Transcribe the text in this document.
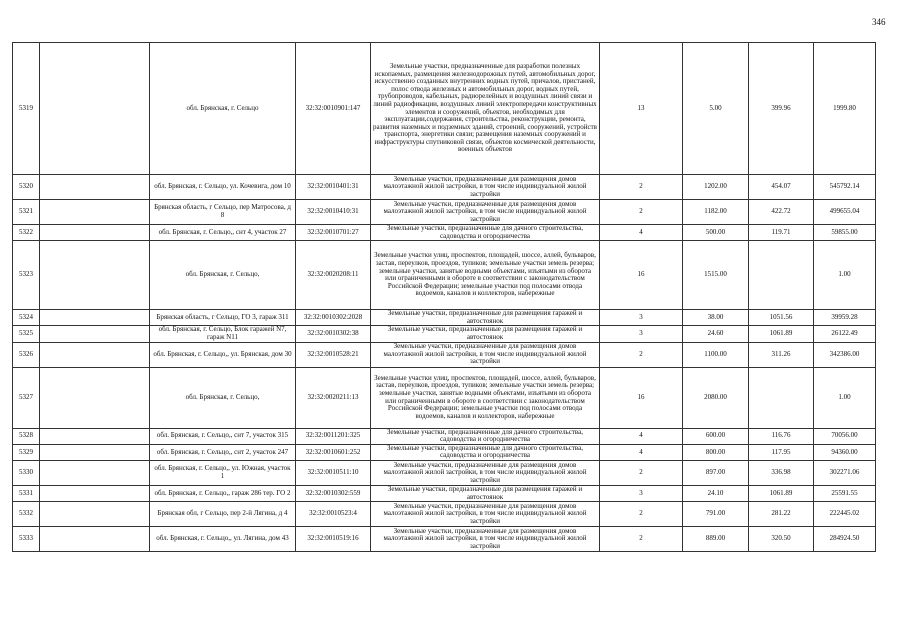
346
5319		обл. Брянская, г. Сельцо	32:32:0010901:147	Земельные участки, предназначенные для разработки полезных ископаемых, размещения железнодорожных путей, автомобильных дорог, искусственно созданных внутренних водных путей, причалов, пристаней, полос отвода железных и автомобильных дорог, водных путей, трубопроводов, кабельных, радиорелейных и воздушных линий связи и линий радиофикации, воздушных линий электропередачи конструктивных элементов и сооружений, объектов, необходимых для эксплуатации,содержания, строительства, реконструкции, ремонта, развития наземных и подземных зданий, строений, сооружений, устройств транспорта, энергетики связи; размещения наземных сооружений и инфраструктуры спутниковой связи, объектов космической деятельности, военных объектов	13	5.00	399.96	1999.80
5320		обл. Брянская, г. Сельцо, ул. Кочевига, дом 10	32:32:0010401:31	Земельные участки, предназначенные для размещения домов малоэтажной жилой застройки, в том числе индивидуальной жилой застройки	2	1202.00	454.07	545792.14
5321		Брянская область, г Сельцо, пер Матросова, д 8	32:32:0010410:31	Земельные участки, предназначенные для размещения домов малоэтажной жилой застройки, в том числе индивидуальной жилой застройки	2	1182.00	422.72	499655.04
5322		обл. Брянская, г. Сельцо,, снт 4, участок 27	32:32:0010701:27	Земельные участки, предназначенные для дачного строительства, садоводства и огородничества	4	500.00	119.71	59855.00
5323		обл. Брянская, г. Сельцо,	32:32:0020208:11	Земельные участки улиц, проспектов, площадей, шоссе, аллей, бульваров, застав, переулков, проездов, тупиков; земельные участки земель резерва; земельные участки, занятые водными объектами, изъятыми из оборота или ограниченными в обороте в соответствии с законодательством Российской Федерации; земельные участки под полосами отвода водоемов, каналов и коллекторов, набережные	16	1515.00		1.00
5324		Брянская область, г Сельцо, ГО 3, гараж 311	32:32:0010302:2028	Земельные участки, предназначенные для размещения гаражей и автостоянок	3	38.00	1051.56	39959.28
5325		обл. Брянская, г. Сельцо, Блок гаражей N7, гараж N11	32:32:0010302:38	Земельные участки, предназначенные для размещения гаражей и автостоянок	3	24.60	1061.89	26122.49
5326		обл. Брянская, г. Сельцо,, ул. Брянская, дом 30	32:32:0010528:21	Земельные участки, предназначенные для размещения домов малоэтажной жилой застройки, в том числе индивидуальной жилой застройки	2	1100.00	311.26	342386.00
5327		обл. Брянская, г. Сельцо,	32:32:0020211:13	Земельные участки улиц, проспектов, площадей, шоссе, аллей, бульваров, застав, переулков, проездов, тупиков; земельные участки земель резерва; земельные участки, занятые водными объектами, изъятыми из оборота или ограниченными в обороте в соответствии с законодательством Российской Федерации; земельные участки под полосами отвода водоемов, каналов и коллекторов, набережные	16	2080.00		1.00
5328		обл. Брянская, г. Сельцо,, снт 7, участок 315	32:32:0011201:325	Земельные участки, предназначенные для дачного строительства, садоводства и огородничества	4	600.00	116.76	70056.00
5329		обл. Брянская, г. Сельцо,, снт 2, участок 247	32:32:0010601:252	Земельные участки, предназначенные для дачного строительства, садоводства и огородничества	4	800.00	117.95	94360.00
5330		обл. Брянская, г. Сельцо,, ул. Южная, участок 1	32:32:0010511:10	Земельные участки, предназначенные для размещения домов малоэтажной жилой застройки, в том числе индивидуальной жилой застройки	2	897.00	336.98	302271.06
5331		обл. Брянская, г. Сельцо,, гараж 286 тер. ГО 2	32:32:0010302:559	Земельные участки, предназначенные для размещения гаражей и автостоянок	3	24.10	1061.89	25591.55
5332		Брянская обл, г Сельцо, пер 2-й Лягина, д 4	32:32:0010523:4	Земельные участки, предназначенные для размещения домов малоэтажной жилой застройки, в том числе индивидуальной жилой застройки	2	791.00	281.22	222445.02
5333		обл. Брянская, г. Сельцо,, ул. Лягина, дом 43	32:32:0010519:16	Земельные участки, предназначенные для размещения домов малоэтажной жилой застройки, в том числе индивидуальной жилой застройки	2	889.00	320.50	284924.50
